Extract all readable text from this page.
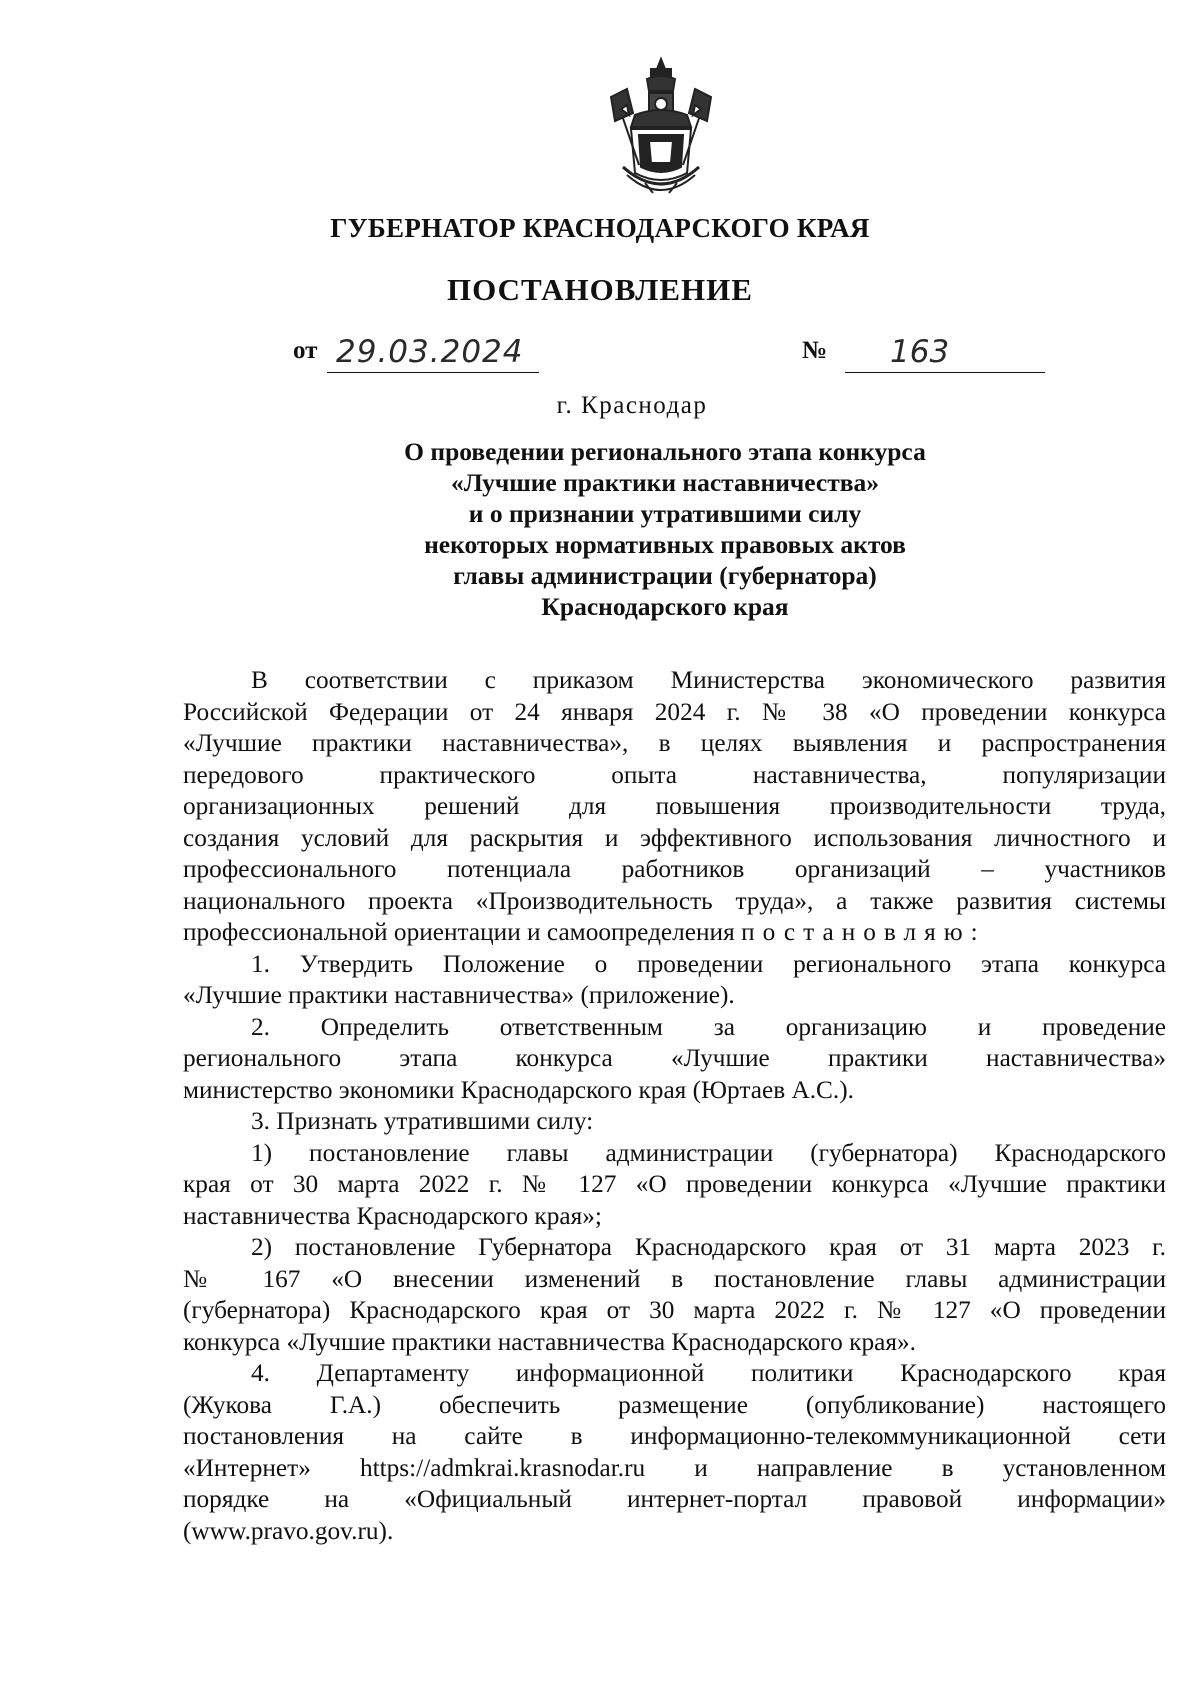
ГУБЕРНАТОР КРАСНОДАРСКОГО КРАЯ
ПОСТАНОВЛЕНИЕ
от 29.03.2024	№ 163
г. Краснодар
О проведении регионального этапа конкурса
«Лучшие практики наставничества»
и о признании утратившими силу
некоторых нормативных правовых актов
главы администрации (губернатора)
Краснодарского края

В соответствии с приказом Министерства экономического развития
Российской Федерации от 24 января 2024 г. № 38 «О проведении конкурса
«Лучшие практики наставничества», в целях выявления и распространения
передового практического опыта наставничества, популяризации
организационных решений для повышения производительности труда,
создания условий для раскрытия и эффективного использования личностного и
профессионального потенциала работников организаций – участников
национального проекта «Производительность труда», а также развития системы
профессиональной ориентации и самоопределения постановляю:

1. Утвердить Положение о проведении регионального этапа конкурса
«Лучшие практики наставничества» (приложение).

2. Определить ответственным за организацию и проведение
регионального этапа конкурса «Лучшие практики наставничества»
министерство экономики Краснодарского края (Юртаев А.С.).

3. Признать утратившими силу:

1) постановление главы администрации (губернатора) Краснодарского
края от 30 марта 2022 г. № 127 «О проведении конкурса «Лучшие практики
наставничества Краснодарского края»;

2) постановление Губернатора Краснодарского края от 31 марта 2023 г.
№ 167 «О внесении изменений в постановление главы администрации
(губернатора) Краснодарского края от 30 марта 2022 г. № 127 «О проведении
конкурса «Лучшие практики наставничества Краснодарского края».

4. Департаменту информационной политики Краснодарского края
(Жукова Г.А.) обеспечить размещение (опубликование) настоящего
постановления на сайте в информационно-телекоммуникационной сети
«Интернет» https://admkrai.krasnodar.ru и направление в установленном
порядке на «Официальный интернет-портал правовой информации»
(www.pravo.gov.ru).
